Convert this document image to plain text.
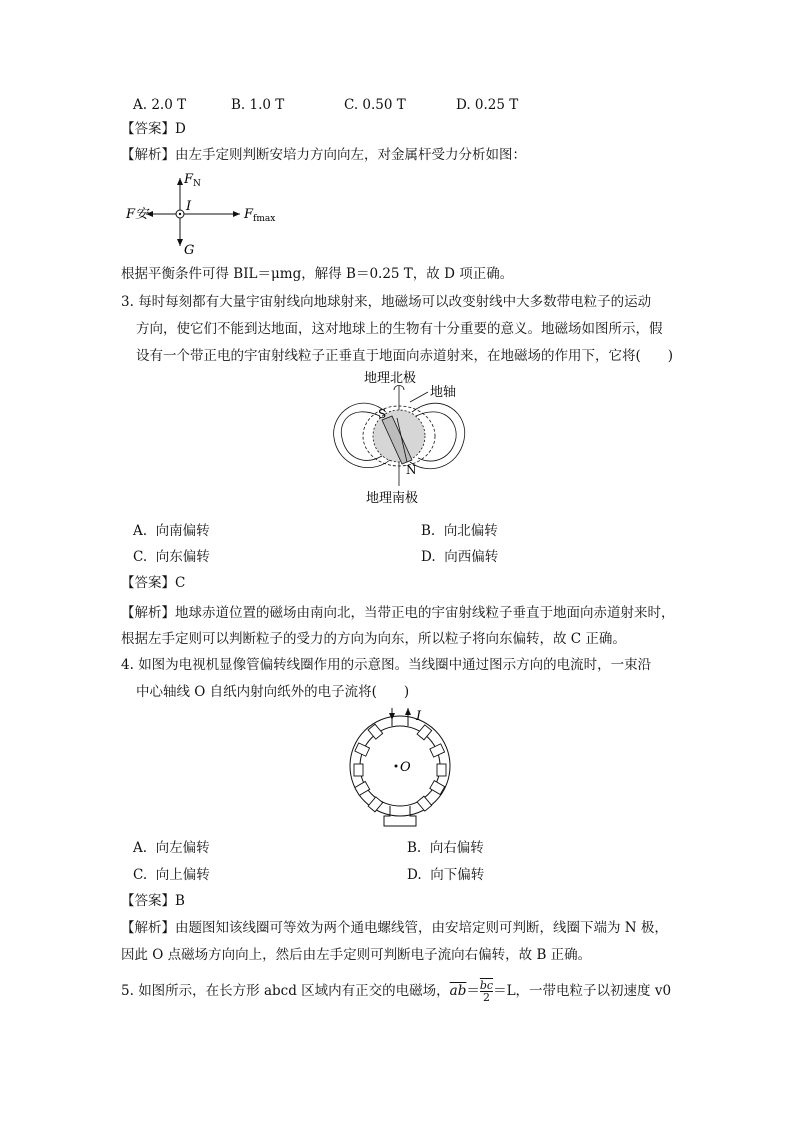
A. 2.0 T	B. 1.0 T	C. 0.50 T	D. 0.25 T
【答案】D
【解析】由左手定则判断安培力方向向左，对金属杆受力分析如图：
$F_N$
F安
I
$F_{fmax}$
G
根据平衡条件可得 BIL＝μmg，解得 B＝0.25 T，故 D 项正确。
3. 每时每刻都有大量宇宙射线向地球射来，地磁场可以改变射线中大多数带电粒子的运动
方向，使它们不能到达地面，这对地球上的生物有十分重要的意义。地磁场如图所示，假
设有一个带正电的宇宙射线粒子正垂直于地面向赤道射来，在地磁场的作用下，它将(　　)
地理北极
地轴
地理南极
S
N
A. 向南偏转	B. 向北偏转
C. 向东偏转	D. 向西偏转
【答案】C
【解析】地球赤道位置的磁场由南向北，当带正电的宇宙射线粒子垂直于地面向赤道射来时，
根据左手定则可以判断粒子的受力的方向为向东，所以粒子将向东偏转，故 C 正确。
4. 如图为电视机显像管偏转线圈作用的示意图。当线圈中通过图示方向的电流时，一束沿
中心轴线 O 自纸内射向纸外的电子流将(　　)
I
O
A. 向左偏转	B. 向右偏转
C. 向上偏转	D. 向下偏转
【答案】B
【解析】由题图知该线圈可等效为两个通电螺线管，由安培定则可判断，线圈下端为 N 极，
因此 O 点磁场方向向上，然后由左手定则可判断电子流向右偏转，故 B 正确。
5. 如图所示，在长方形 abcd 区域内有正交的电磁场，$\overline{ab}= \frac{\overline{bc}}{2} =L$，一带电粒子以初速度 v0
